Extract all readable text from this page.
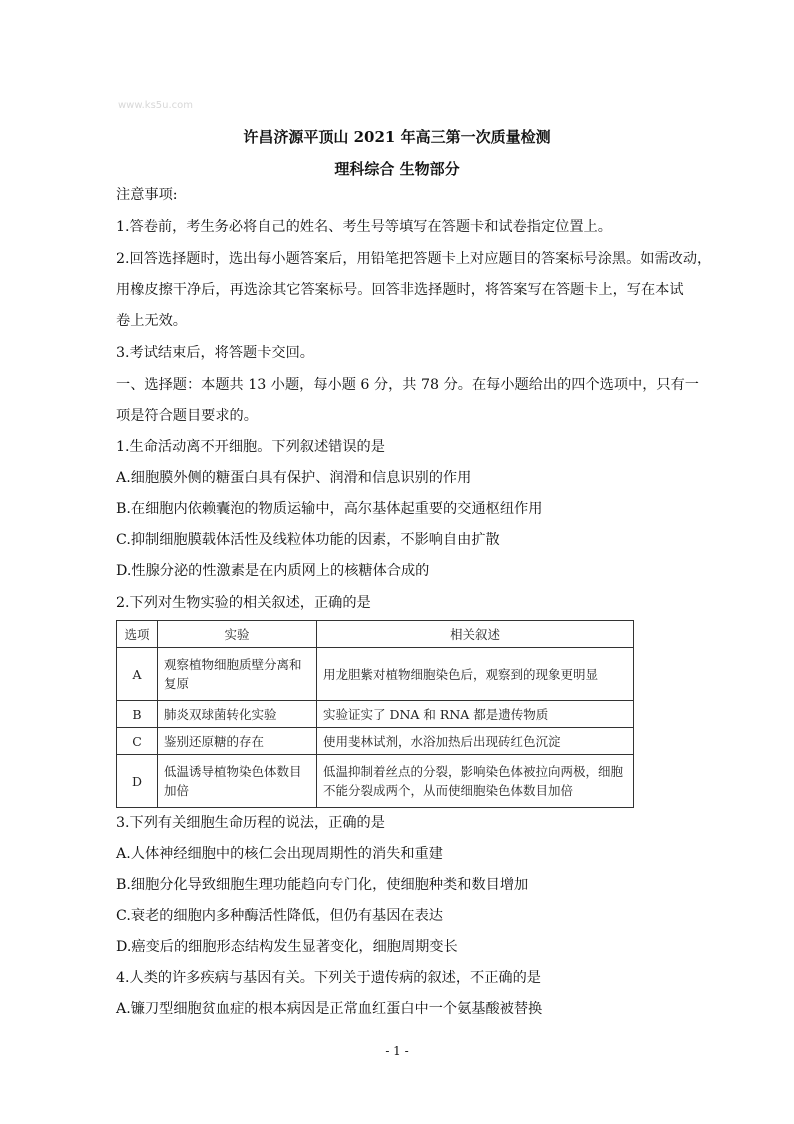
www.ks5u.com
许昌济源平顶山 2021 年高三第一次质量检测
理科综合 生物部分
注意事项:
1.答卷前，考生务必将自己的姓名、考生号等填写在答题卡和试卷指定位置上。
2.回答选择题时，选出每小题答案后，用铅笔把答题卡上对应题目的答案标号涂黑。如需改动，
用橡皮擦干净后，再选涂其它答案标号。回答非选择题时，将答案写在答题卡上，写在本试
卷上无效。
3.考试结束后，将答题卡交回。
一、选择题：本题共 13 小题，每小题 6 分，共 78 分。在每小题给出的四个选项中，只有一
项是符合题目要求的。
1.生命活动离不开细胞。下列叙述错误的是
A.细胞膜外侧的糖蛋白具有保护、润滑和信息识别的作用
B.在细胞内依赖囊泡的物质运输中，高尔基体起重要的交通枢纽作用
C.抑制细胞膜载体活性及线粒体功能的因素，不影响自由扩散
D.性腺分泌的性激素是在内质网上的核糖体合成的
2.下列对生物实验的相关叙述，正确的是
选项	实验	相关叙述
A	观察植物细胞质壁分离和复原	用龙胆紫对植物细胞染色后，观察到的现象更明显
B	肺炎双球菌转化实验	实验证实了 DNA 和 RNA 都是遗传物质
C	鉴别还原糖的存在	使用斐林试剂，水浴加热后出现砖红色沉淀
D	低温诱导植物染色体数目加倍	低温抑制着丝点的分裂，影响染色体被拉向两极，细胞不能分裂成两个，从而使细胞染色体数目加倍
3.下列有关细胞生命历程的说法，正确的是
A.人体神经细胞中的核仁会出现周期性的消失和重建
B.细胞分化导致细胞生理功能趋向专门化，使细胞种类和数目增加
C.衰老的细胞内多种酶活性降低，但仍有基因在表达
D.癌变后的细胞形态结构发生显著变化，细胞周期变长
4.人类的许多疾病与基因有关。下列关于遗传病的叙述，不正确的是
A.镰刀型细胞贫血症的根本病因是正常血红蛋白中一个氨基酸被替换
- 1 -
